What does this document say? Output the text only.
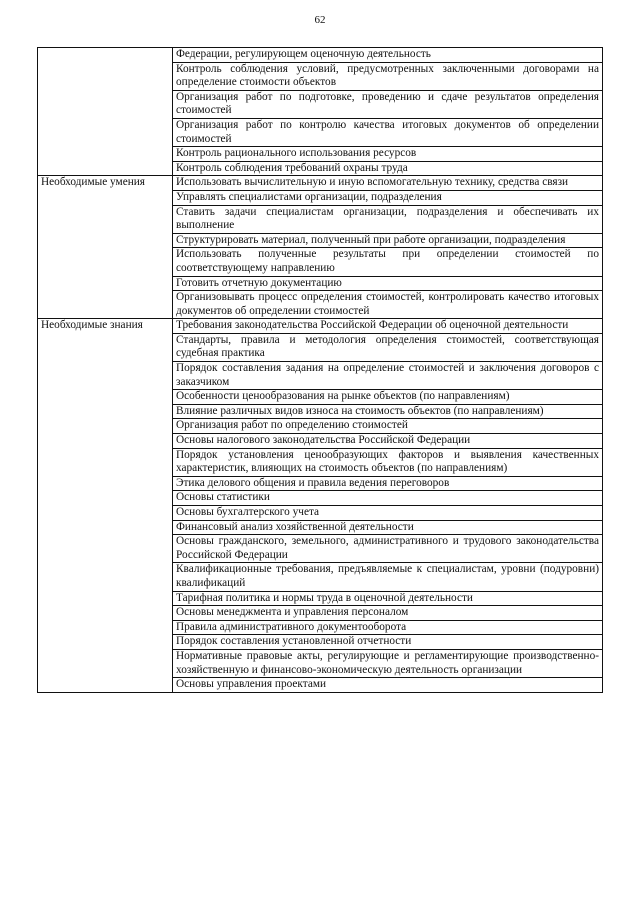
62
	Федерации, регулирующем оценочную деятельность
	Контроль соблюдения условий, предусмотренных заключенными договорами на определение стоимости объектов
	Организация работ по подготовке, проведению и сдаче результатов определения стоимостей
	Организация работ по контролю качества итоговых документов об определении стоимостей
	Контроль рационального использования ресурсов
	Контроль соблюдения требований охраны труда
Необходимые умения	Использовать вычислительную и иную вспомогательную технику, средства связи
	Управлять специалистами организации, подразделения
	Ставить задачи специалистам организации, подразделения и обеспечивать их выполнение
	Структурировать материал, полученный при работе организации, подразделения
	Использовать полученные результаты при определении стоимостей по соответствующему направлению
	Готовить отчетную документацию
	Организовывать процесс определения стоимостей, контролировать качество итоговых документов об определении стоимостей
Необходимые знания	Требования законодательства Российской Федерации об оценочной деятельности
	Стандарты, правила и методология определения стоимостей, соответствующая судебная практика
	Порядок составления задания на определение стоимостей и заключения договоров с заказчиком
	Особенности ценообразования на рынке объектов (по направлениям)
	Влияние различных видов износа на стоимость объектов (по направлениям)
	Организация работ по определению стоимостей
	Основы налогового законодательства Российской Федерации
	Порядок установления ценообразующих факторов и выявления качественных характеристик, влияющих на стоимость объектов (по направлениям)
	Этика делового общения и правила ведения переговоров
	Основы статистики
	Основы бухгалтерского учета
	Финансовый анализ хозяйственной деятельности
	Основы гражданского, земельного, административного и трудового законодательства Российской Федерации
	Квалификационные требования, предъявляемые к специалистам, уровни (подуровни) квалификаций
	Тарифная политика и нормы труда в оценочной деятельности
	Основы менеджмента и управления персоналом
	Правила административного документооборота
	Порядок составления установленной отчетности
	Нормативные правовые акты, регулирующие и регламентирующие производственно-хозяйственную и финансово-экономическую деятельность организации
	Основы управления проектами
